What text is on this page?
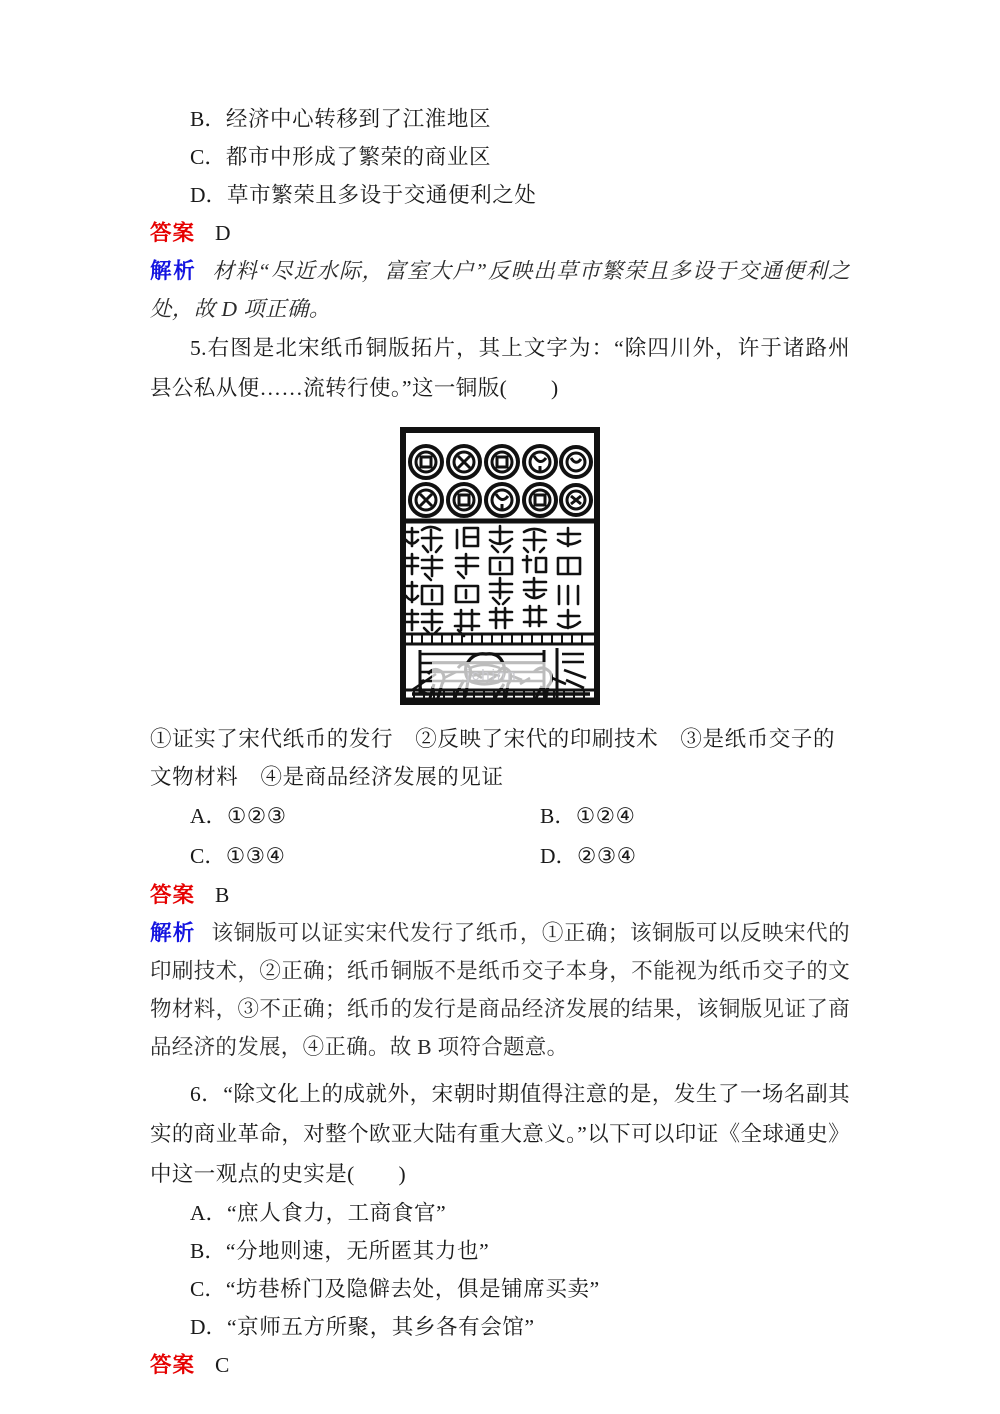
B． 经济中心转移到了江淮地区
C． 都市中形成了繁荣的商业区
D． 草市繁荣且多设于交通便利之处
答案 D
解析 材料“尽近水际，富室大户”反映出草市繁荣且多设于交通便利之处，故 D 项正确。
5.右图是北宋纸币铜版拓片，其上文字为：“除四川外，许于诸路州县公私从便……流转行使。”这一铜版(　　)
jchinn
①证实了宋代纸币的发行　②反映了宋代的印刷技术　③是纸币交子的文物材料　④是商品经济发展的见证
A． ①②③	B． ①②④
C． ①③④	D． ②③④
答案 B
解析 该铜版可以证实宋代发行了纸币，①正确；该铜版可以反映宋代的印刷技术，②正确；纸币铜版不是纸币交子本身，不能视为纸币交子的文物材料，③不正确；纸币的发行是商品经济发展的结果，该铜版见证了商品经济的发展，④正确。故 B 项符合题意。
6．“除文化上的成就外，宋朝时期值得注意的是，发生了一场名副其实的商业革命，对整个欧亚大陆有重大意义。”以下可以印证《全球通史》中这一观点的史实是(　　)
A． “庶人食力，工商食官”
B． “分地则速，无所匿其力也”
C． “坊巷桥门及隐僻去处，俱是铺席买卖”
D． “京师五方所聚，其乡各有会馆”
答案 C
